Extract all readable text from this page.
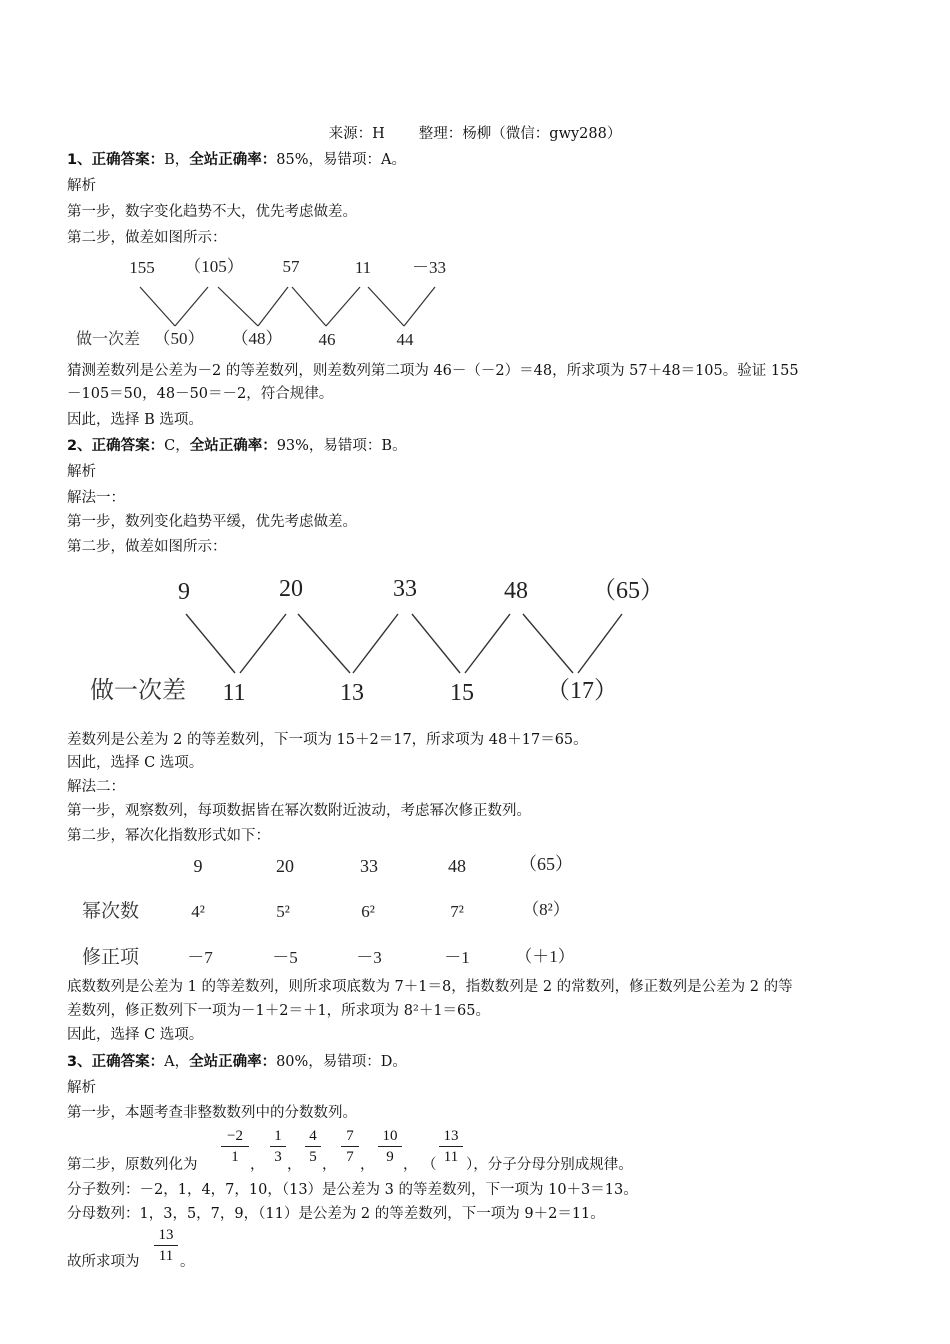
来源：H 整理：杨柳（微信：gwy288）
1、正确答案：B，全站正确率：85%，易错项：A。
解析
第一步，数字变化趋势不大，优先考虑做差。
第二步，做差如图所示：
155 （105） 57	11 －33
做一次差 （50） （48） 46	44
猜测差数列是公差为－2 的等差数列，则差数列第二项为 46－（－2）＝48，所求项为 57＋48＝105。验证 155
－105＝50，48－50＝－2，符合规律。
因此，选择 B 选项。
2、正确答案：C，全站正确率：93%，易错项：B。
解析
解法一：
第一步，数列变化趋势平缓，优先考虑做差。
第二步，做差如图所示：
9	20	33	48	（65）
做一次差 11	13	15	（17）
差数列是公差为 2 的等差数列，下一项为 15＋2＝17，所求项为 48＋17＝65。
因此，选择 C 选项。
解法二：
第一步，观察数列，每项数据皆在幂次数附近波动，考虑幂次修正数列。
第二步，幂次化指数形式如下：
9	20	33	48	（65）
幂次数	4²	5²	6²	7²	（8²）
修正项	－7	－5	－3	－1	（＋1）
底数数列是公差为 1 的等差数列，则所求项底数为 7＋1＝8，指数数列是 2 的常数列，修正数列是公差为 2 的等
差数列，修正数列下一项为－1＋2＝＋1，所求项为 8²＋1＝65。
因此，选择 C 选项。
3、正确答案：A，全站正确率：80%，易错项：D。
解析
第一步，本题考查非整数数列中的分数数列。
第二步，原数列化为
−2
1 ，
1
3 ，
4
5 ，
7
7 ，
10
9 ， （
13
11 ），分子分母分别成规律。
分子数列：－2，1，4，7，10，（13）是公差为 3 的等差数列，下一项为 10＋3＝13。
分母数列：1，3，5，7，9，（11）是公差为 2 的等差数列，下一项为 9＋2＝11。
故所求项为
13
11 。
